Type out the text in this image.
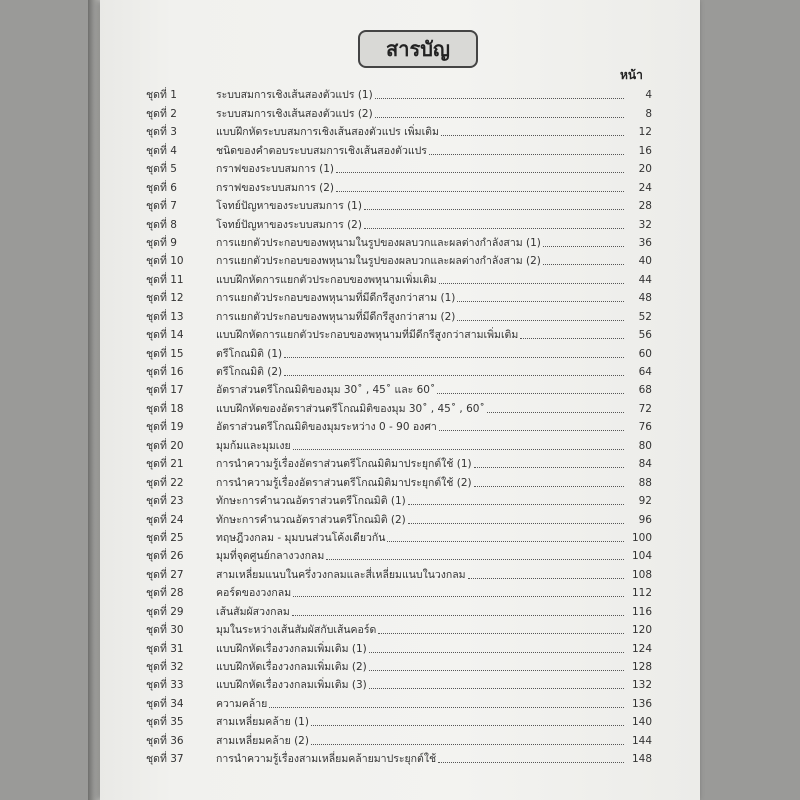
สารบัญ
หน้า
ชุดที่ 1	ระบบสมการเชิงเส้นสองตัวแปร (1)	4
ชุดที่ 2	ระบบสมการเชิงเส้นสองตัวแปร (2)	8
ชุดที่ 3	แบบฝึกหัดระบบสมการเชิงเส้นสองตัวแปร เพิ่มเติม	12
ชุดที่ 4	ชนิดของคำตอบระบบสมการเชิงเส้นสองตัวแปร	16
ชุดที่ 5	กราฟของระบบสมการ (1)	20
ชุดที่ 6	กราฟของระบบสมการ (2)	24
ชุดที่ 7	โจทย์ปัญหาของระบบสมการ (1)	28
ชุดที่ 8	โจทย์ปัญหาของระบบสมการ (2)	32
ชุดที่ 9	การแยกตัวประกอบของพหุนามในรูปของผลบวกและผลต่างกำลังสาม (1)	36
ชุดที่ 10	การแยกตัวประกอบของพหุนามในรูปของผลบวกและผลต่างกำลังสาม (2)	40
ชุดที่ 11	แบบฝึกหัดการแยกตัวประกอบของพหุนามเพิ่มเติม	44
ชุดที่ 12	การแยกตัวประกอบของพหุนามที่มีดีกรีสูงกว่าสาม (1)	48
ชุดที่ 13	การแยกตัวประกอบของพหุนามที่มีดีกรีสูงกว่าสาม (2)	52
ชุดที่ 14	แบบฝึกหัดการแยกตัวประกอบของพหุนามที่มีดีกรีสูงกว่าสามเพิ่มเติม	56
ชุดที่ 15	ตรีโกณมิติ (1)	60
ชุดที่ 16	ตรีโกณมิติ (2)	64
ชุดที่ 17	อัตราส่วนตรีโกณมิติของมุม 30˚ , 45˚ และ 60˚	68
ชุดที่ 18	แบบฝึกหัดของอัตราส่วนตรีโกณมิติของมุม 30˚ , 45˚ , 60˚	72
ชุดที่ 19	อัตราส่วนตรีโกณมิติของมุมระหว่าง 0 - 90 องศา	76
ชุดที่ 20	มุมก้มและมุมเงย	80
ชุดที่ 21	การนำความรู้เรื่องอัตราส่วนตรีโกณมิติมาประยุกต์ใช้ (1)	84
ชุดที่ 22	การนำความรู้เรื่องอัตราส่วนตรีโกณมิติมาประยุกต์ใช้ (2)	88
ชุดที่ 23	ทักษะการคำนวณอัตราส่วนตรีโกณมิติ (1)	92
ชุดที่ 24	ทักษะการคำนวณอัตราส่วนตรีโกณมิติ (2)	96
ชุดที่ 25	ทฤษฎีวงกลม - มุมบนส่วนโค้งเดียวกัน	100
ชุดที่ 26	มุมที่จุดศูนย์กลางวงกลม	104
ชุดที่ 27	สามเหลี่ยมแนบในครึ่งวงกลมและสี่เหลี่ยมแนบในวงกลม	108
ชุดที่ 28	คอร์ดของวงกลม	112
ชุดที่ 29	เส้นสัมผัสวงกลม	116
ชุดที่ 30	มุมในระหว่างเส้นสัมผัสกับเส้นคอร์ด	120
ชุดที่ 31	แบบฝึกหัดเรื่องวงกลมเพิ่มเติม (1)	124
ชุดที่ 32	แบบฝึกหัดเรื่องวงกลมเพิ่มเติม (2)	128
ชุดที่ 33	แบบฝึกหัดเรื่องวงกลมเพิ่มเติม (3)	132
ชุดที่ 34	ความคล้าย	136
ชุดที่ 35	สามเหลี่ยมคล้าย (1)	140
ชุดที่ 36	สามเหลี่ยมคล้าย (2)	144
ชุดที่ 37	การนำความรู้เรื่องสามเหลี่ยมคล้ายมาประยุกต์ใช้	148
